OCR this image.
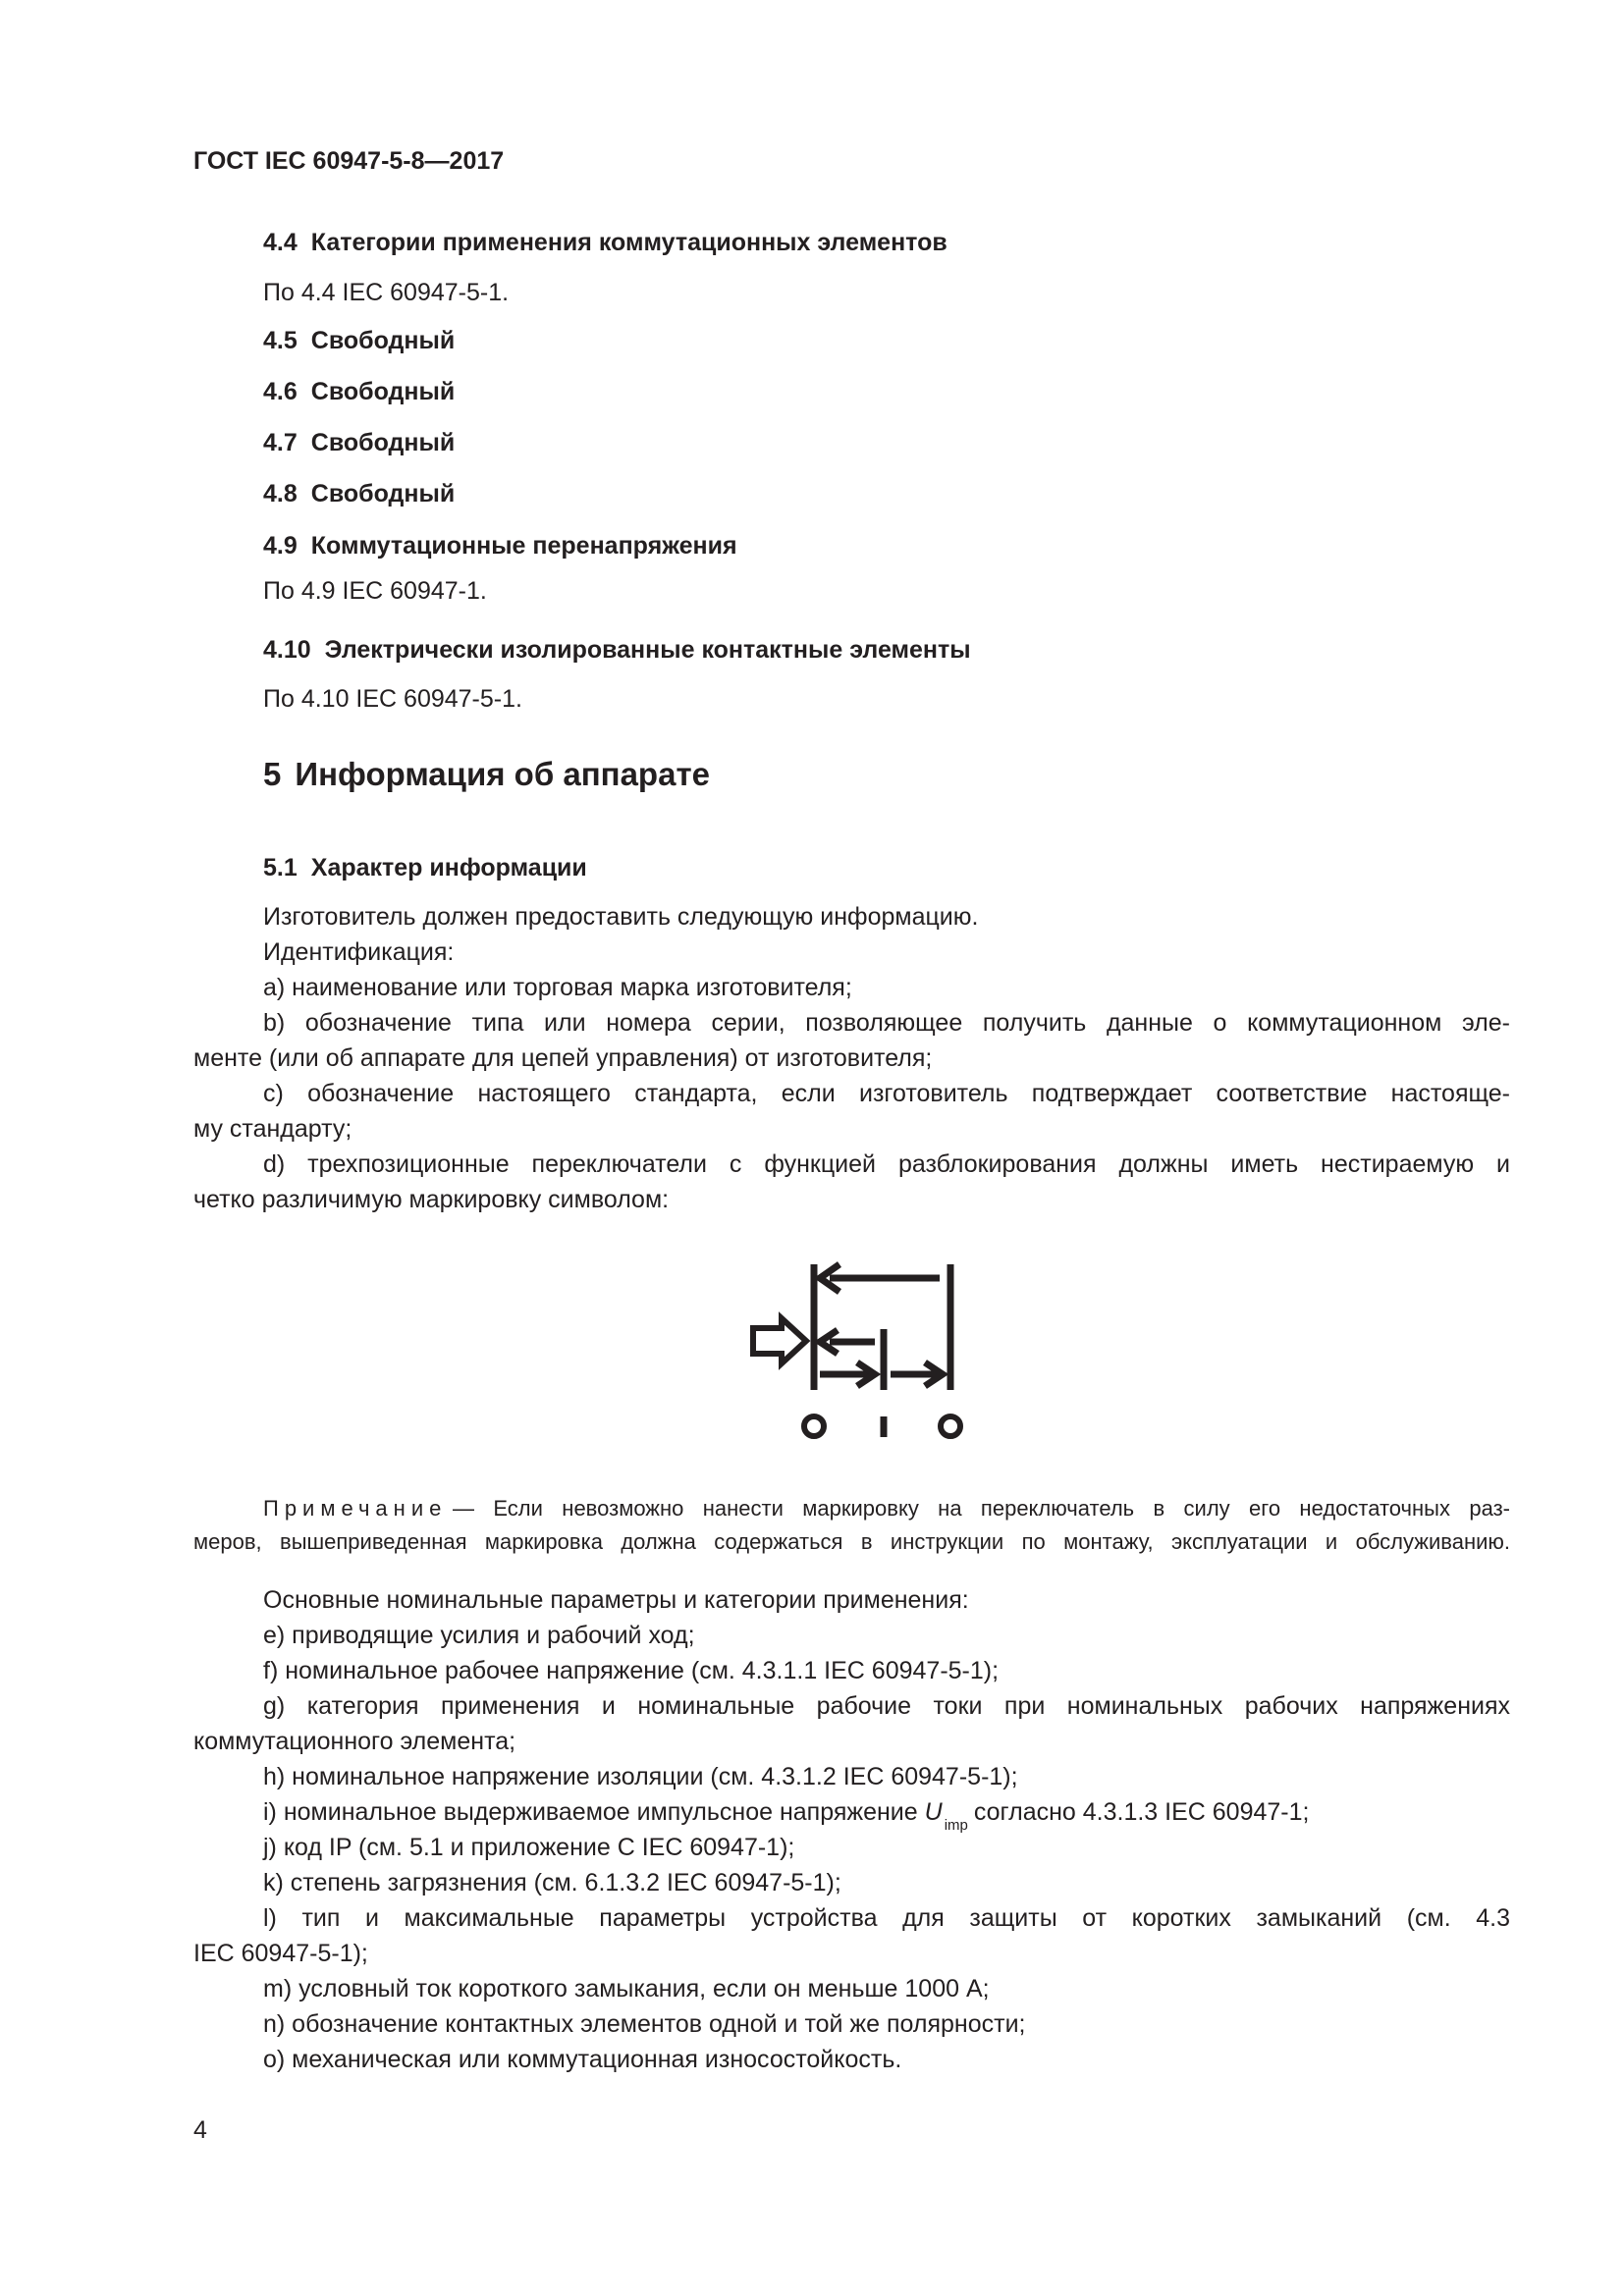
ГОСТ IEC 60947-5-8—2017

4.4 Категории применения коммутационных элементов

По 4.4 IEC 60947-5-1.

4.5 Свободный

4.6 Свободный

4.7 Свободный

4.8 Свободный

4.9 Коммутационные перенапряжения

По 4.9 IEC 60947-1.

4.10 Электрически изолированные контактные элементы

По 4.10 IEC 60947-5-1.

5 Информация об аппарате

5.1 Характер информации

Изготовитель должен предоставить следующую информацию.

Идентификация:

a) наименование или торговая марка изготовителя;

b) обозначение типа или номера серии, позволяющее получить данные о коммутационном эле-

менте (или об аппарате для цепей управления) от изготовителя;

c) обозначение настоящего стандарта, если изготовитель подтверждает соответствие настояще-

му стандарту;

d) трехпозиционные переключатели с функцией разблокирования должны иметь нестираемую и

четко различимую маркировку символом:

Примечание — Если невозможно нанести маркировку на переключатель в силу его недостаточных раз-

меров, вышеприведенная маркировка должна содержаться в инструкции по монтажу, эксплуатации и обслуживанию.

Основные номинальные параметры и категории применения:

e) приводящие усилия и рабочий ход;

f) номинальное рабочее напряжение (см. 4.3.1.1 IEC 60947-5-1);

g) категория применения и номинальные рабочие токи при номинальных рабочих напряжениях

коммутационного элемента;

h) номинальное напряжение изоляции (см. 4.3.1.2 IEC 60947-5-1);

i) номинальное выдерживаемое импульсное напряжение U $_{imp}$ согласно 4.3.1.3 IEC 60947-1;

j) код IP (см. 5.1 и приложение С IEC 60947-1);

k) степень загрязнения (см. 6.1.3.2 IEC 60947-5-1);

l) тип и максимальные параметры устройства для защиты от коротких замыканий (см. 4.3

IEC 60947-5-1);

m) условный ток короткого замыкания, если он меньше 1000 А;

n) обозначение контактных элементов одной и той же полярности;

o) механическая или коммутационная износостойкость.

4
